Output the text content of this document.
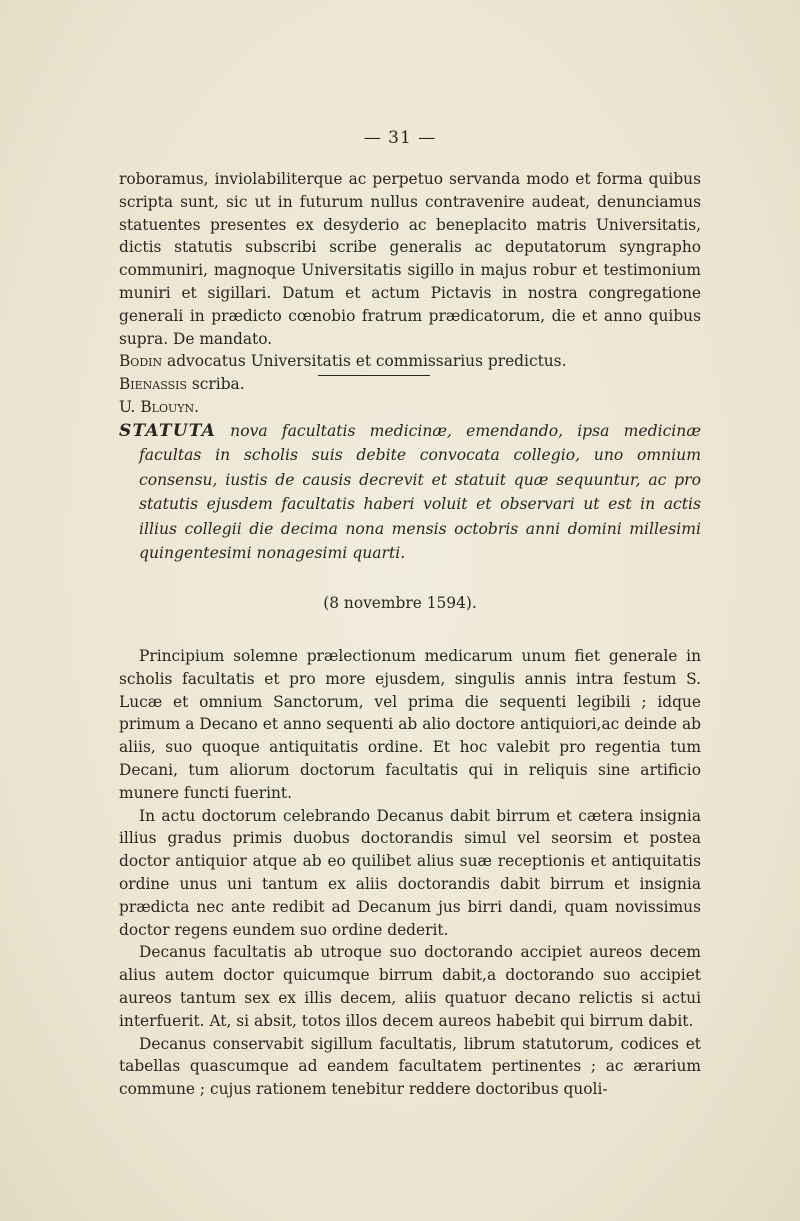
— 31 —

roboramus, inviolabiliterque ac perpetuo servanda modo et forma quibus scripta sunt, sic ut in futurum nullus contravenire audeat, denunciamus statuentes presentes ex desyderio ac beneplacito matris Universitatis, dictis statutis subscribi scribe generalis ac deputatorum syngrapho communiri, magnoque Universitatis sigillo in majus robur et testimonium muniri et sigillari. Datum et actum Pictavis in nostra congregatione generali in prædicto cœnobio fratrum prædicatorum, die et anno quibus supra. De mandato.

Bodin advocatus Universitatis et commissarius predictus.

Bienassis scriba.

U. Blouyn.

STATUTA nova facultatis medicinæ, emendando, ipsa medicinæ facultas in scholis suis debite convocata collegio, uno omnium consensu, iustis de causis decrevit et statuit quæ sequuntur, ac pro statutis ejusdem facultatis haberi voluit et observari ut est in actis illius collegii die decima nona mensis octobris anni domini millesimi quingentesimi nonagesimi quarti.
(8 novembre 1594).

Principium solemne prælectionum medicarum unum fiet generale in scholis facultatis et pro more ejusdem, singulis annis intra festum S. Lucæ et omnium Sanctorum, vel prima die sequenti legibili ; idque primum a Decano et anno sequenti ab alio doctore antiquiori,ac deinde ab aliis, suo quoque antiquitatis ordine. Et hoc valebit pro regentia tum Decani, tum aliorum doctorum facultatis qui in reliquis sine artificio munere functi fuerint.

In actu doctorum celebrando Decanus dabit birrum et cætera insignia illius gradus primis duobus doctorandis simul vel seorsim et postea doctor antiquior atque ab eo quilibet alius suæ receptionis et antiquitatis ordine unus uni tantum ex aliis doctorandis dabit birrum et insignia prædicta nec ante redibit ad Decanum jus birri dandi, quam novissimus doctor regens eundem suo ordine dederit.

Decanus facultatis ab utroque suo doctorando accipiet aureos decem alius autem doctor quicumque birrum dabit,a doctorando suo accipiet aureos tantum sex ex illis decem, aliis quatuor decano relictis si actui interfuerit. At, si absit, totos illos decem aureos habebit qui birrum dabit.

Decanus conservabit sigillum facultatis, librum statutorum, codices et tabellas quascumque ad eandem facultatem pertinentes ; ac ærarium commune ; cujus rationem tenebitur reddere doctoribus quoli-
